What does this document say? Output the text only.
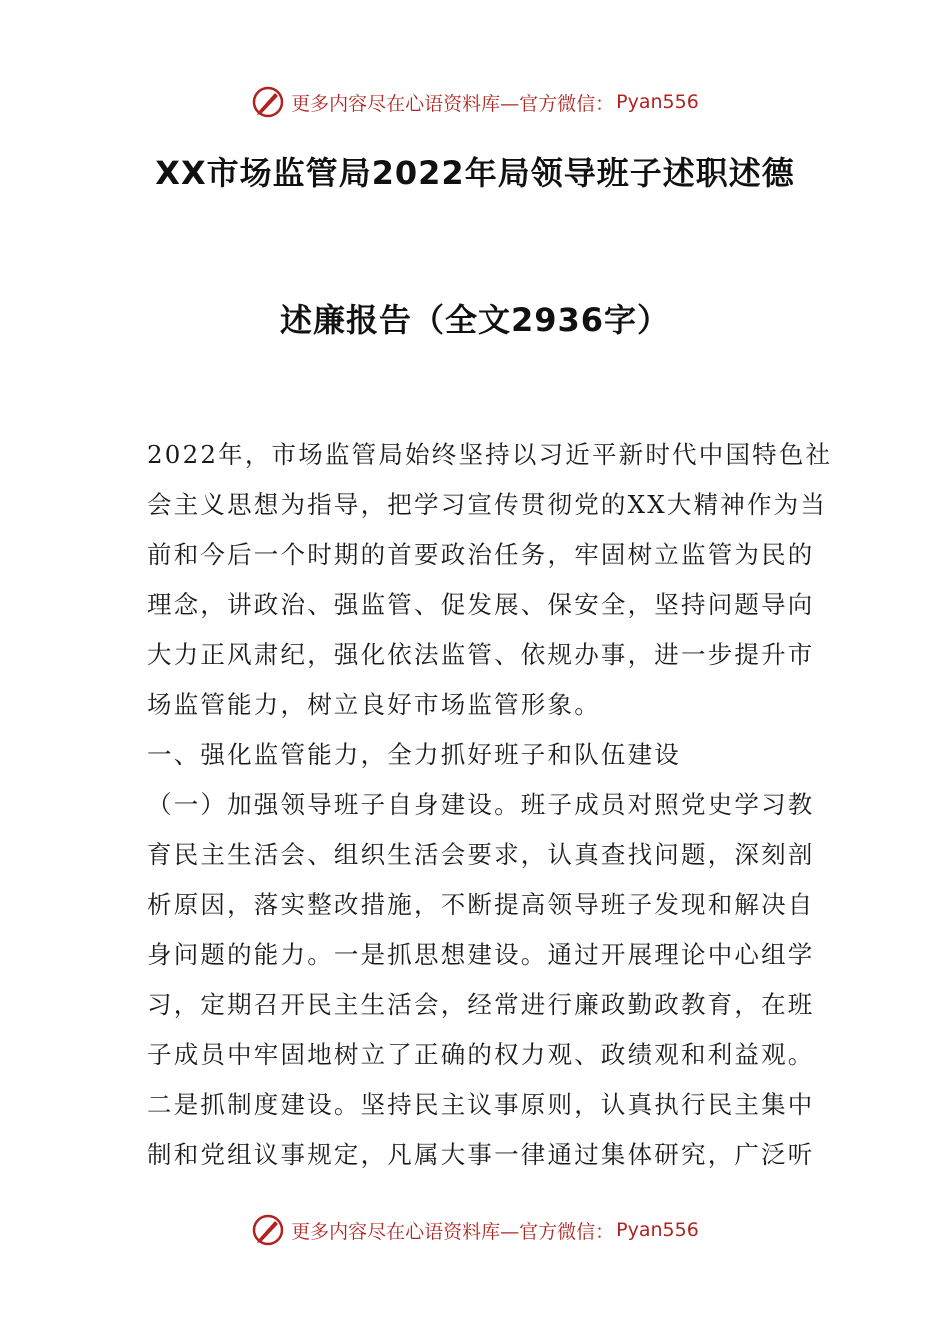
更多内容尽在心语资料库—官方微信： Pyan556
XX市场监管局2022年局领导班子述职述德
述廉报告（全文2936字）
2022年，市场监管局始终坚持以习近平新时代中国特色社
会主义思想为指导，把学习宣传贯彻党的XX大精神作为当
前和今后一个时期的首要政治任务，牢固树立监管为民的
理念，讲政治、强监管、促发展、保安全，坚持问题导向
大力正风肃纪，强化依法监管、依规办事，进一步提升市
场监管能力，树立良好市场监管形象。
一、强化监管能力，全力抓好班子和队伍建设
（一）加强领导班子自身建设。班子成员对照党史学习教
育民主生活会、组织生活会要求，认真查找问题，深刻剖
析原因，落实整改措施，不断提高领导班子发现和解决自
身问题的能力。一是抓思想建设。通过开展理论中心组学
习，定期召开民主生活会，经常进行廉政勤政教育，在班
子成员中牢固地树立了正确的权力观、政绩观和利益观。
二是抓制度建设。坚持民主议事原则，认真执行民主集中
制和党组议事规定，凡属大事一律通过集体研究，广泛听
更多内容尽在心语资料库—官方微信： Pyan556
